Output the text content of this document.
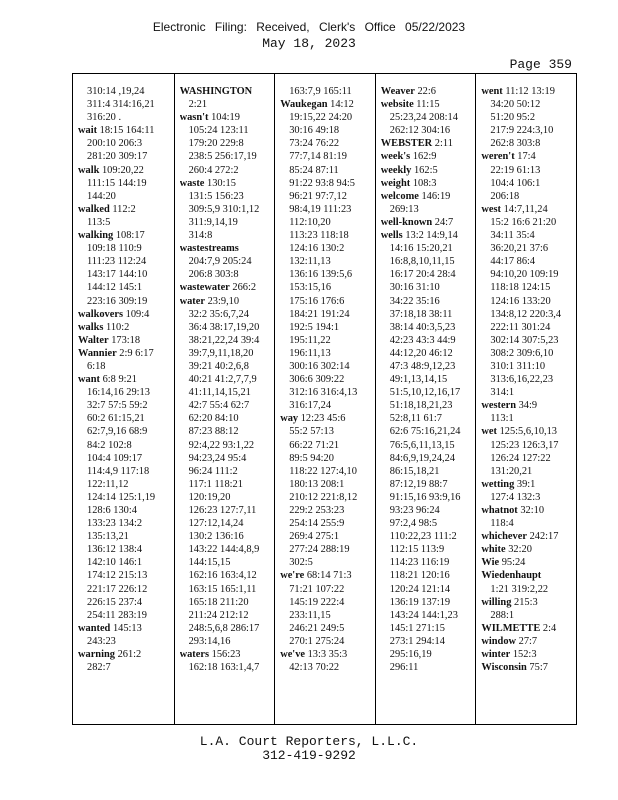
Electronic Filing: Received, Clerk's Office 05/22/2023
May 18, 2023
Page 359
310:14 ,19,24
311:4 314:16,21
316:20 .
wait 18:15 164:11
200:10 206:3
281:20 309:17
walk 109:20,22
111:15 144:19
144:20
walked 112:2
113:5
walking 108:17
109:18 110:9
111:23 112:24
143:17 144:10
144:12 145:1
223:16 309:19
walkovers 109:4
walks 110:2
Walter 173:18
Wannier 2:9 6:17
6:18
want 6:8 9:21
16:14,16 29:13
32:7 57:5 59:2
60:2 61:15,21
62:7,9,16 68:9
84:2 102:8
104:4 109:17
114:4,9 117:18
122:11,12
124:14 125:1,19
128:6 130:4
133:23 134:2
135:13,21
136:12 138:4
142:10 146:1
174:12 215:13
221:17 226:12
226:15 237:4
254:11 283:19
wanted 145:13
243:23
warning 261:2
282:7
WASHINGTON
2:21
wasn't 104:19
105:24 123:11
179:20 229:8
238:5 256:17,19
260:4 272:2
waste 130:15
131:5 156:23
309:5,9 310:1,12
311:9,14,19
314:8
wastestreams
204:7,9 205:24
206:8 303:8
wastewater 266:2
water 23:9,10
32:2 35:6,7,24
36:4 38:17,19,20
38:21,22,24 39:4
39:7,9,11,18,20
39:21 40:2,6,8
40:21 41:2,7,7,9
41:11,14,15,21
42:7 55:4 62:7
62:20 84:10
87:23 88:12
92:4,22 93:1,22
94:23,24 95:4
96:24 111:2
117:1 118:21
120:19,20
126:23 127:7,11
127:12,14,24
130:2 136:16
143:22 144:4,8,9
144:15,15
162:16 163:4,12
163:15 165:1,11
165:18 211:20
211:24 212:12
248:5,6,8 286:17
293:14,16
waters 156:23
162:18 163:1,4,7
163:7,9 165:11
Waukegan 14:12
19:15,22 24:20
30:16 49:18
73:24 76:22
77:7,14 81:19
85:24 87:11
91:22 93:8 94:5
96:21 97:7,12
98:4,19 111:23
112:10,20
113:23 118:18
124:16 130:2
132:11,13
136:16 139:5,6
153:15,16
175:16 176:6
184:21 191:24
192:5 194:1
195:11,22
196:11,13
300:16 302:14
306:6 309:22
312:16 316:4,13
316:17,24
way 12:23 45:6
55:2 57:13
66:22 71:21
89:5 94:20
118:22 127:4,10
180:13 208:1
210:12 221:8,12
229:2 253:23
254:14 255:9
269:4 275:1
277:24 288:19
302:5
we're 68:14 71:3
71:21 107:22
145:19 222:4
233:11,15
246:21 249:5
270:1 275:24
we've 13:3 35:3
42:13 70:22
Weaver 22:6
website 11:15
25:23,24 208:14
262:12 304:16
WEBSTER 2:11
week's 162:9
weekly 162:5
weight 108:3
welcome 146:19
269:13
well-known 24:7
wells 13:2 14:9,14
14:16 15:20,21
16:8,8,10,11,15
16:17 20:4 28:4
30:16 31:10
34:22 35:16
37:18,18 38:11
38:14 40:3,5,23
42:23 43:3 44:9
44:12,20 46:12
47:3 48:9,12,23
49:1,13,14,15
51:5,10,12,16,17
51:18,18,21,23
52:8,11 61:7
62:6 75:16,21,24
76:5,6,11,13,15
84:6,9,19,24,24
86:15,18,21
87:12,19 88:7
91:15,16 93:9,16
93:23 96:24
97:2,4 98:5
110:22,23 111:2
112:15 113:9
114:23 116:19
118:21 120:16
120:24 121:14
136:19 137:19
143:24 144:1,23
145:1 271:15
273:1 294:14
295:16,19
296:11
went 11:12 13:19
34:20 50:12
51:20 95:2
217:9 224:3,10
262:8 303:8
weren't 17:4
22:19 61:13
104:4 106:1
206:18
west 14:7,11,24
15:2 16:6 21:20
34:11 35:4
36:20,21 37:6
44:17 86:4
94:10,20 109:19
118:18 124:15
124:16 133:20
134:8,12 220:3,4
222:11 301:24
302:14 307:5,23
308:2 309:6,10
310:1 311:10
313:6,16,22,23
314:1
western 34:9
113:1
wet 125:5,6,10,13
125:23 126:3,17
126:24 127:22
131:20,21
wetting 39:1
127:4 132:3
whatnot 32:10
118:4
whichever 242:17
white 32:20
Wie 95:24
Wiedenhaupt
1:21 319:2,22
willing 215:3
288:1
WILMETTE 2:4
window 27:7
winter 152:3
Wisconsin 75:7
L.A. Court Reporters, L.L.C.
312-419-9292
